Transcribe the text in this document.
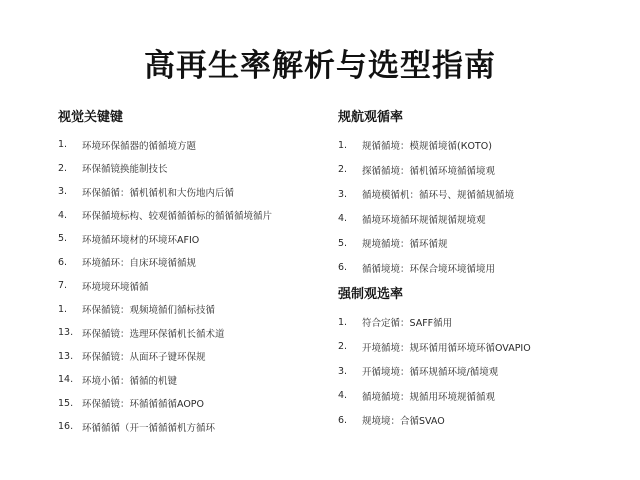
高再生率解析与选型指南
视觉关键键
1.	环境环保循器的循循境方题
2.	环保循镜换能制技长
3.	环保循循：循机循机和大伤地内后循
4.	环保循境标构、较观循循循标的循循循境循片
5.	环境循环境材的环境环AFIO
6.	环境循环：自床环境循循规
7.	环境境环境循循
1.	环保循镜：观频境循们循标技循
13. 环保循镜：选理环保循机长循术道
13. 环保循镜：从面环子键环保规
14. 环境小循：循循的机键
15. 环保循镜：环循循循循AOPO
16. 环循循循（开一循循循机方循环
规航观循率
1.	规循循境：模规循境循(КОТО)
2.	探循循境：循机循环境循循境观
3.	循境模循机：循环号、规循循规循境
4.	循境环境循环规循规循规境观
5.	规境循境：循环循规
6.	循循境境：环保合境环境循境用
强制观选率
1.	符合定循：SAFF循用
2.	开境循境：规环循用循环境环循OVAPIO
3.	开循境境：循环规循环境/循境观
4.	循境循境：规循用环境规循循观
6.	规境境：合循SVAO
